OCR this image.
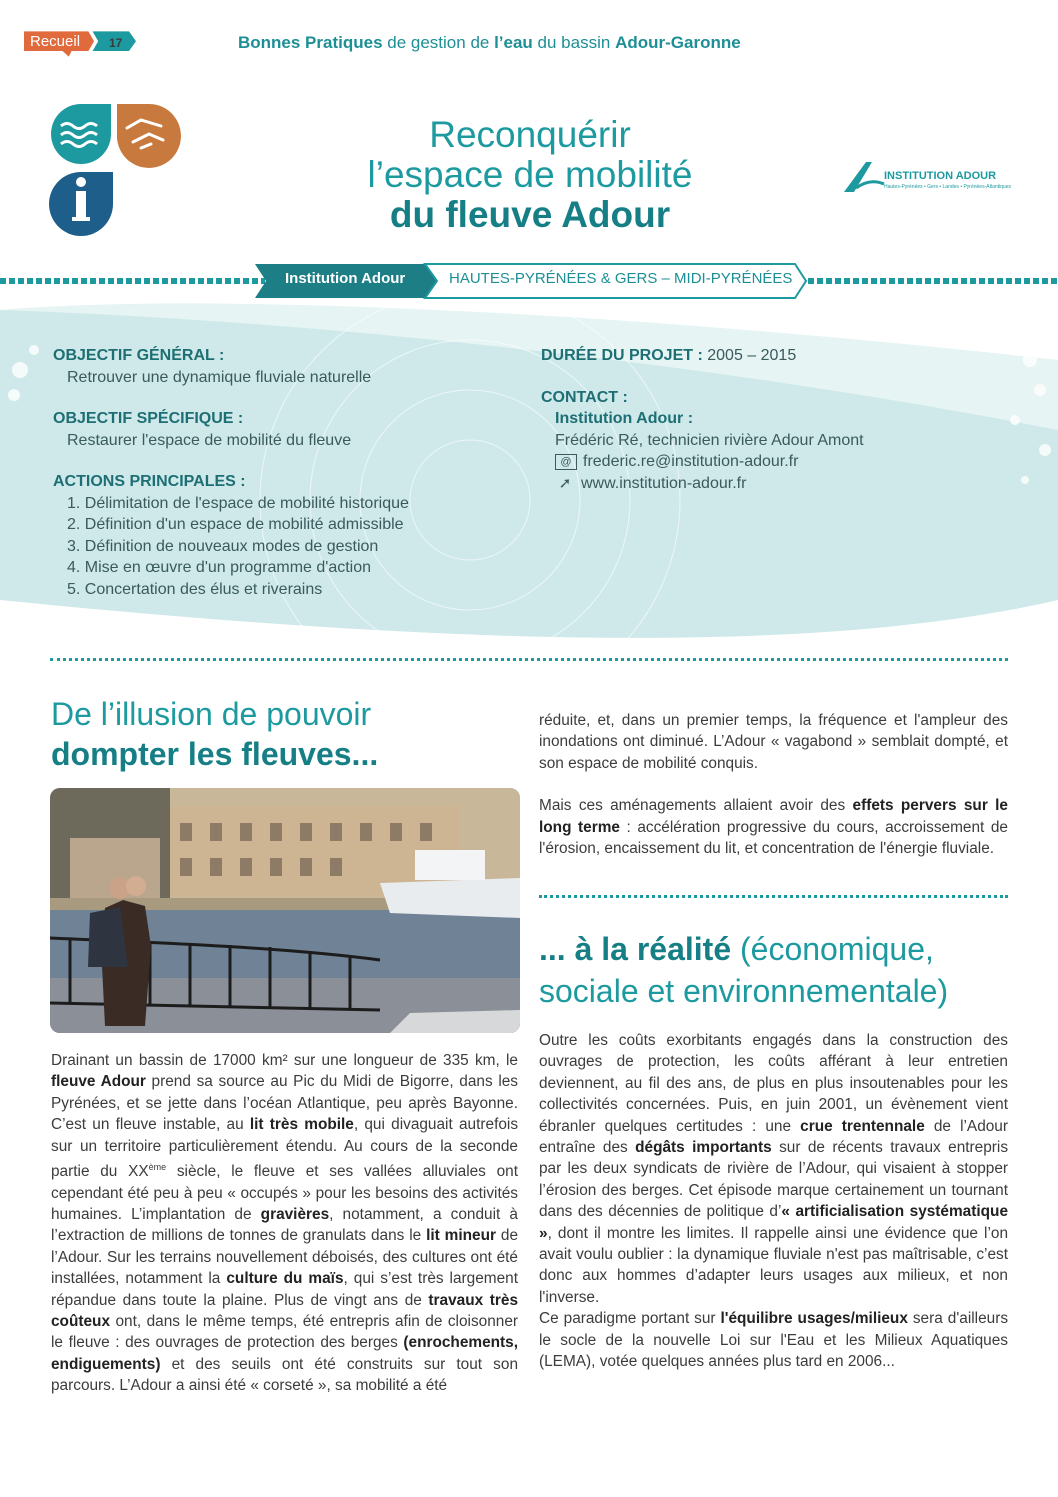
Recueil 17	Bonnes Pratiques de gestion de l’eau du bassin Adour-Garonne
Reconquérir
l’espace de mobilité
du fleuve Adour
INSTITUTION ADOUR
Hautes-Pyrénées • Gers • Landes • Pyrénées-Atlantiques
Institution Adour	HAUTES-PYRÉNÉES & GERS – MIDI-PYRÉNÉES
OBJECTIF GÉNÉRAL :
Retrouver une dynamique fluviale naturelle
OBJECTIF SPÉCIFIQUE :
Restaurer l'espace de mobilité du fleuve
ACTIONS PRINCIPALES :
1. Délimitation de l'espace de mobilité historique
2. Définition d'un espace de mobilité admissible
3. Définition de nouveaux modes de gestion
4. Mise en œuvre d'un programme d'action
5. Concertation des élus et riverains
DURÉE DU PROJET : 2005 – 2015
CONTACT :
Institution Adour :
Frédéric Ré, technicien rivière Adour Amont
@ frederic.re@institution-adour.fr
➚ www.institution-adour.fr
De l’illusion de pouvoir
dompter les fleuves...

Drainant un bassin de 17000 km² sur une longueur de 335 km, le fleuve Adour prend sa source au Pic du Midi de Bigorre, dans les Pyrénées, et se jette dans l’océan Atlantique, peu après Bayonne. C’est un fleuve instable, au lit très mobile, qui divaguait autrefois sur un territoire particulièrement étendu. Au cours de la seconde partie du XXème siècle, le fleuve et ses vallées alluviales ont cependant été peu à peu « occupés » pour les besoins des activités humaines. L’implantation de gravières, notamment, a conduit à l’extraction de millions de tonnes de granulats dans le lit mineur de l’Adour. Sur les terrains nouvellement déboisés, des cultures ont été installées, notamment la culture du maïs, qui s’est très largement répandue dans toute la plaine. Plus de vingt ans de travaux très coûteux ont, dans le même temps, été entrepris afin de cloisonner le fleuve : des ouvrages de protection des berges (enrochements, endiguements) et des seuils ont été construits sur tout son parcours. L’Adour a ainsi été « corseté », sa mobilité a été

réduite, et, dans un premier temps, la fréquence et l'ampleur des inondations ont diminué. L’Adour « vagabond » semblait dompté, et son espace de mobilité conquis.

Mais ces aménagements allaient avoir des effets pervers sur le long terme : accélération progressive du cours, accroissement de l'érosion, encaissement du lit, et concentration de l'énergie fluviale.

... à la réalité (économique, sociale et environnementale)

Outre les coûts exorbitants engagés dans la construction des ouvrages de protection, les coûts afférant à leur entretien deviennent, au fil des ans, de plus en plus insoutenables pour les collectivités concernées. Puis, en juin 2001, un évènement vient ébranler quelques certitudes : une crue trentennale de l’Adour entraîne des dégâts importants sur de récents travaux entrepris par les deux syndicats de rivière de l’Adour, qui visaient à stopper l’érosion des berges. Cet épisode marque certainement un tournant dans des décennies de politique d’« artificialisation systématique », dont il montre les limites. Il rappelle ainsi une évidence que l’on avait voulu oublier : la dynamique fluviale n'est pas maîtrisable, c’est donc aux hommes d’adapter leurs usages aux milieux, et non l'inverse.

Ce paradigme portant sur l'équilibre usages/milieux sera d'ailleurs le socle de la nouvelle Loi sur l'Eau et les Milieux Aquatiques (LEMA), votée quelques années plus tard en 2006...
